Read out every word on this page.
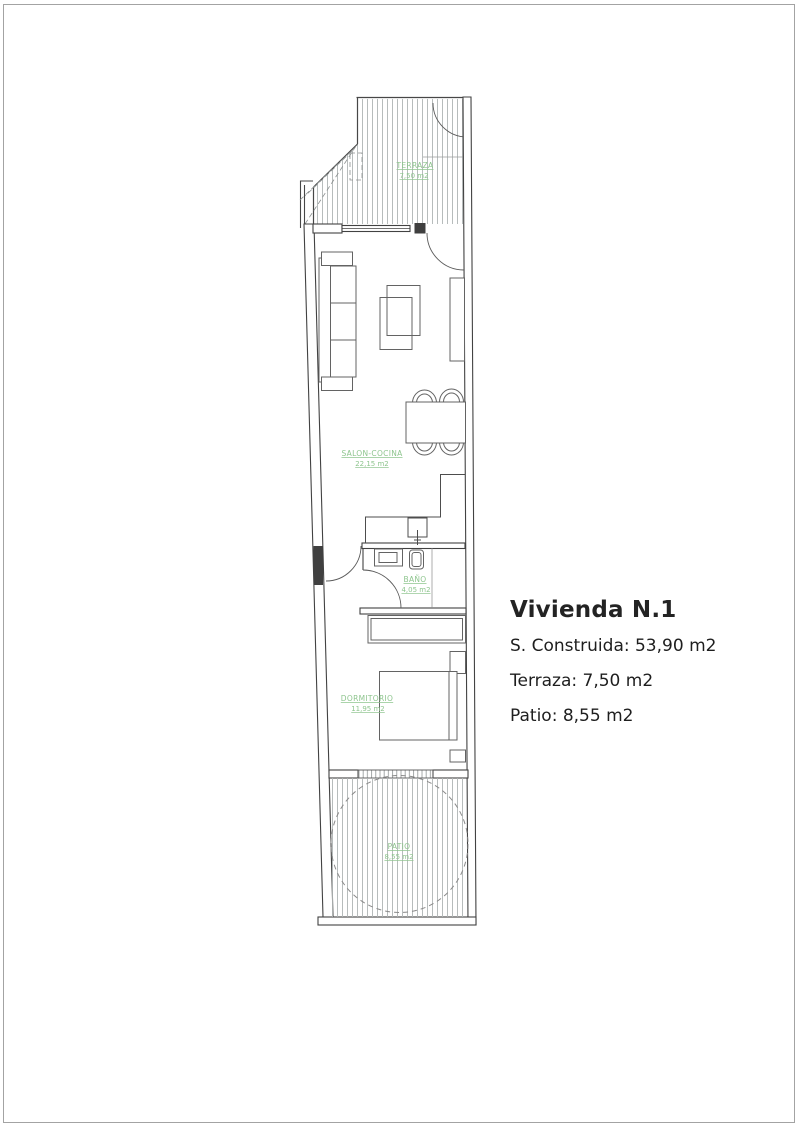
TERRAZA
7,50 m2
SALON-COCINA
22,15 m2
BAÑO
4,05 m2
DORMITORIO
11,95 m2
PATIO
8,55 m2
Vivienda N.1

S. Construida: 53,90 m2

Terraza: 7,50 m2

Patio: 8,55 m2
